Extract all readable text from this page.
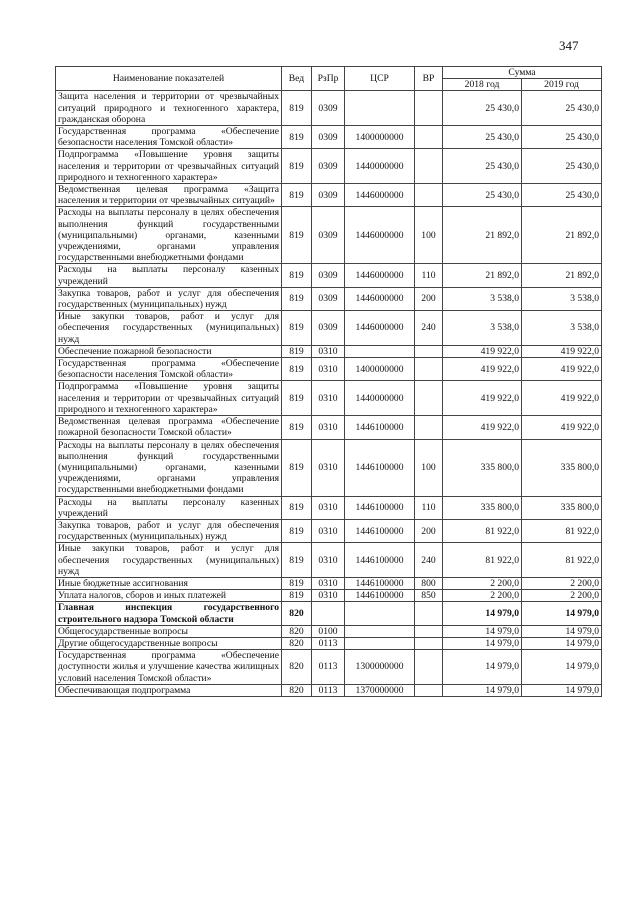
347
Наименование показателей	Вед	РзПр	ЦСР	ВР	Сумма	
					2018 год	2019 год
Защита населения и территории от чрезвычайных ситуаций природного и техногенного характера, гражданская оборона	819	0309			25 430,0	25 430,0
Государственная программа «Обеспечение безопасности населения Томской области»	819	0309	1400000000		25 430,0	25 430,0
Подпрограмма «Повышение уровня защиты населения и территории от чрезвычайных ситуаций природного и техногенного характера»	819	0309	1440000000		25 430,0	25 430,0
Ведомственная целевая программа «Защита населения и территории от чрезвычайных ситуаций»	819	0309	1446000000		25 430,0	25 430,0
Расходы на выплаты персоналу в целях обеспечения выполнения функций государственными (муниципальными) органами, казенными учреждениями, органами управления государственными внебюджетными фондами	819	0309	1446000000	100	21 892,0	21 892,0
Расходы на выплаты персоналу казенных учреждений	819	0309	1446000000	110	21 892,0	21 892,0
Закупка товаров, работ и услуг для обеспечения государственных (муниципальных) нужд	819	0309	1446000000	200	3 538,0	3 538,0
Иные закупки товаров, работ и услуг для обеспечения государственных (муниципальных) нужд	819	0309	1446000000	240	3 538,0	3 538,0
Обеспечение пожарной безопасности	819	0310			419 922,0	419 922,0
Государственная программа «Обеспечение безопасности населения Томской области»	819	0310	1400000000		419 922,0	419 922,0
Подпрограмма «Повышение уровня защиты населения и территории от чрезвычайных ситуаций природного и техногенного характера»	819	0310	1440000000		419 922,0	419 922,0
Ведомственная целевая программа «Обеспечение пожарной безопасности Томской области»	819	0310	1446100000		419 922,0	419 922,0
Расходы на выплаты персоналу в целях обеспечения выполнения функций государственными (муниципальными) органами, казенными учреждениями, органами управления государственными внебюджетными фондами	819	0310	1446100000	100	335 800,0	335 800,0
Расходы на выплаты персоналу казенных учреждений	819	0310	1446100000	110	335 800,0	335 800,0
Закупка товаров, работ и услуг для обеспечения государственных (муниципальных) нужд	819	0310	1446100000	200	81 922,0	81 922,0
Иные закупки товаров, работ и услуг для обеспечения государственных (муниципальных) нужд	819	0310	1446100000	240	81 922,0	81 922,0
Иные бюджетные ассигнования	819	0310	1446100000	800	2 200,0	2 200,0
Уплата налогов, сборов и иных платежей	819	0310	1446100000	850	2 200,0	2 200,0
Главная инспекция государственного строительного надзора Томской области	820				14 979,0	14 979,0
Общегосударственные вопросы	820	0100			14 979,0	14 979,0
Другие общегосударственные вопросы	820	0113			14 979,0	14 979,0
Государственная программа «Обеспечение доступности жилья и улучшение качества жилищных условий населения Томской области»	820	0113	1300000000		14 979,0	14 979,0
Обеспечивающая подпрограмма	820	0113	1370000000		14 979,0	14 979,0
